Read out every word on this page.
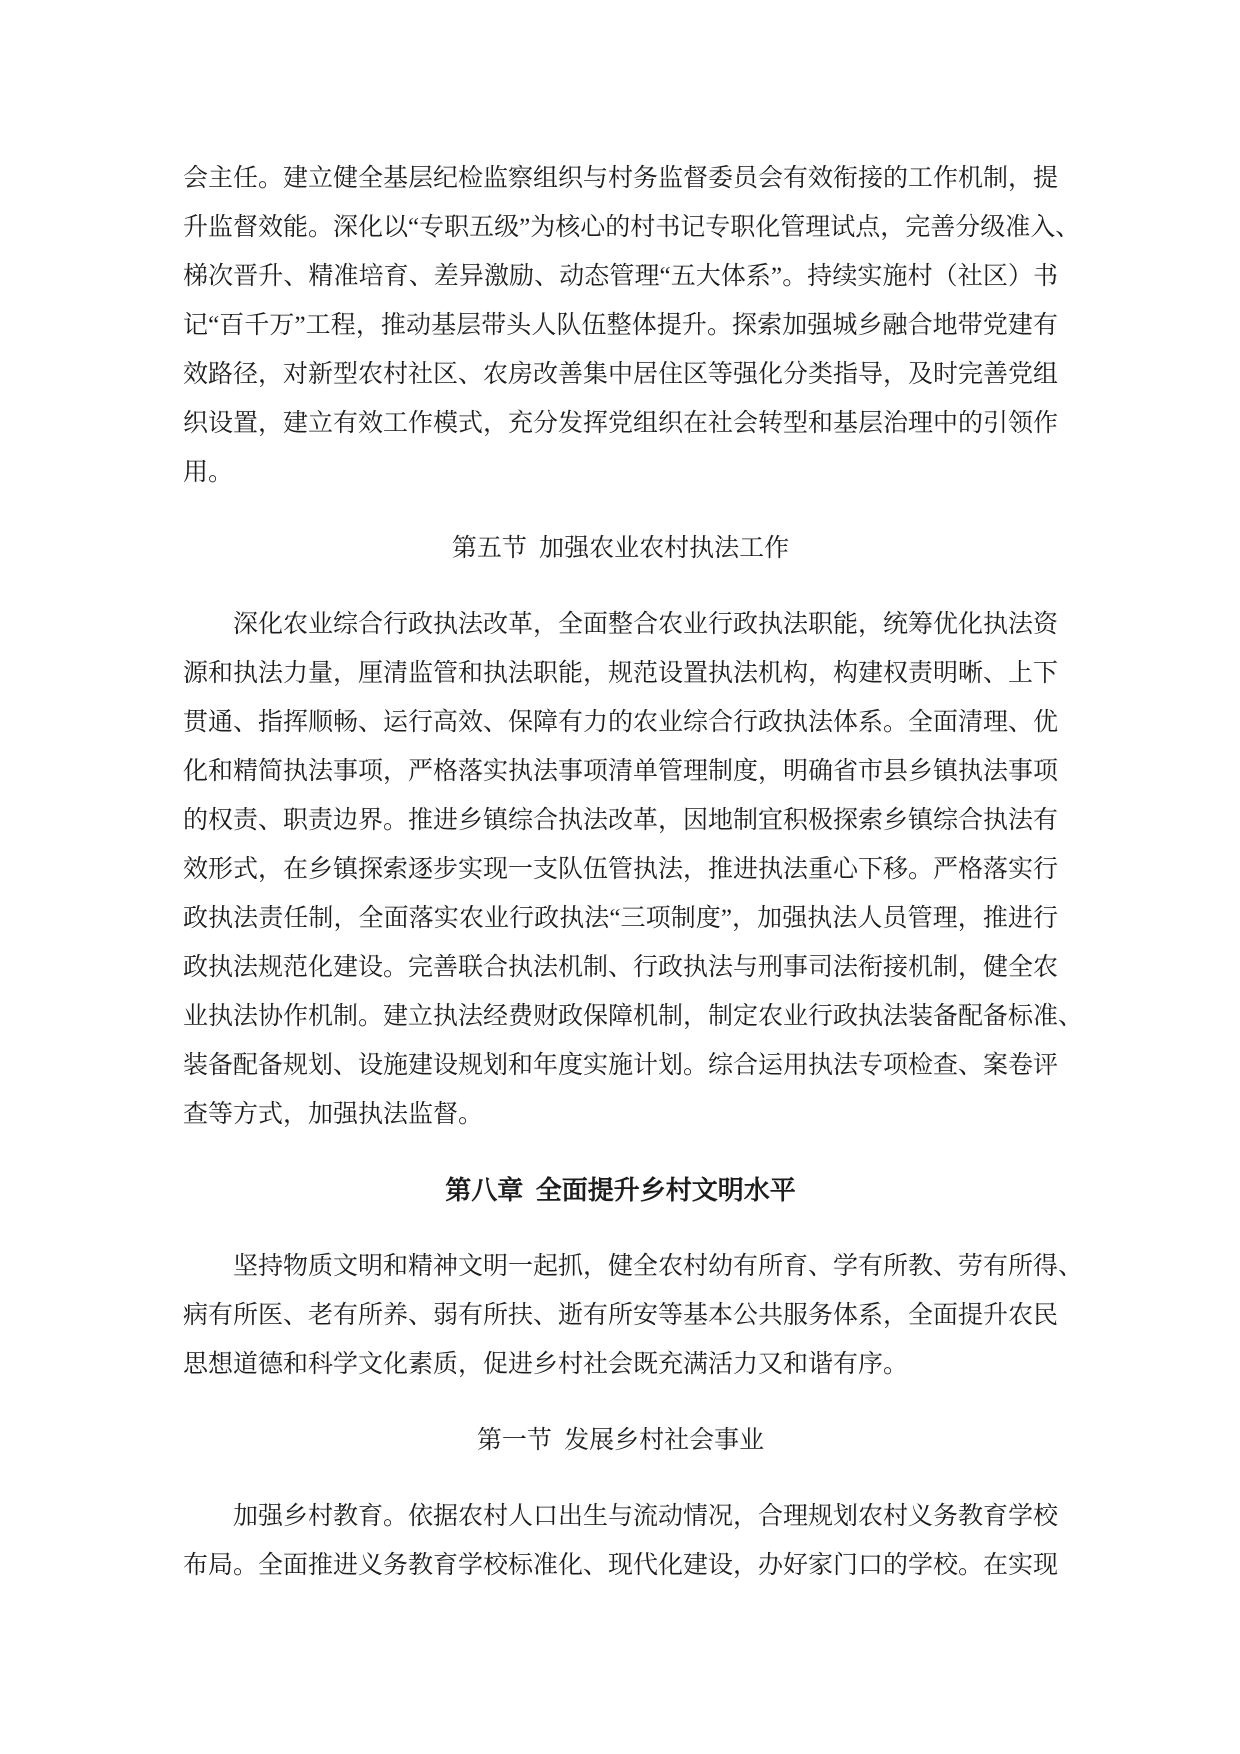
会主任。建立健全基层纪检监察组织与村务监督委员会有效衔接的工作机制，提
升监督效能。深化以“专职五级”为核心的村书记专职化管理试点，完善分级准入、
梯次晋升、精准培育、差异激励、动态管理“五大体系”。持续实施村（社区）书
记“百千万”工程，推动基层带头人队伍整体提升。探索加强城乡融合地带党建有
效路径，对新型农村社区、农房改善集中居住区等强化分类指导，及时完善党组
织设置，建立有效工作模式，充分发挥党组织在社会转型和基层治理中的引领作
用。
第五节 加强农业农村执法工作
深化农业综合行政执法改革，全面整合农业行政执法职能，统筹优化执法资
源和执法力量，厘清监管和执法职能，规范设置执法机构，构建权责明晰、上下
贯通、指挥顺畅、运行高效、保障有力的农业综合行政执法体系。全面清理、优
化和精简执法事项，严格落实执法事项清单管理制度，明确省市县乡镇执法事项
的权责、职责边界。推进乡镇综合执法改革，因地制宜积极探索乡镇综合执法有
效形式，在乡镇探索逐步实现一支队伍管执法，推进执法重心下移。严格落实行
政执法责任制，全面落实农业行政执法“三项制度”，加强执法人员管理，推进行
政执法规范化建设。完善联合执法机制、行政执法与刑事司法衔接机制，健全农
业执法协作机制。建立执法经费财政保障机制，制定农业行政执法装备配备标准、
装备配备规划、设施建设规划和年度实施计划。综合运用执法专项检查、案卷评
查等方式，加强执法监督。
第八章 全面提升乡村文明水平
坚持物质文明和精神文明一起抓，健全农村幼有所育、学有所教、劳有所得、
病有所医、老有所养、弱有所扶、逝有所安等基本公共服务体系，全面提升农民
思想道德和科学文化素质，促进乡村社会既充满活力又和谐有序。
第一节 发展乡村社会事业
加强乡村教育。依据农村人口出生与流动情况，合理规划农村义务教育学校
布局。全面推进义务教育学校标准化、现代化建设，办好家门口的学校。在实现
